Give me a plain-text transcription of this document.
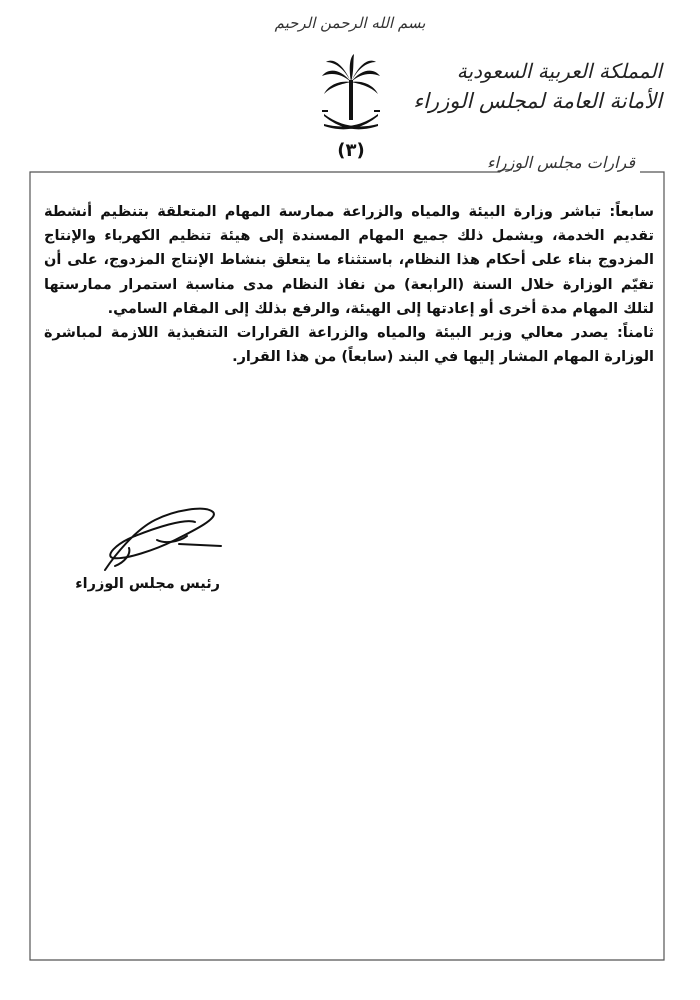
بسم الله الرحمن الرحيم
(٣)
المملكة العربية السعودية
الأمانة العامة لمجلس الوزراء
قرارات مجلس الوزراء

سابعاً: تباشر وزارة البيئة والمياه والزراعة ممارسة المهام المتعلقة بتنظيم أنشطة تقديم الخدمة، ويشمل ذلك جميع المهام المسندة إلى هيئة تنظيم الكهرباء والإنتاج المزدوج بناء على أحكام هذا النظام، باستثناء ما يتعلق بنشاط الإنتاج المزدوج، على أن تقيّم الوزارة خلال السنة (الرابعة) من نفاذ النظام مدى مناسبة استمرار ممارستها لتلك المهام مدة أخرى أو إعادتها إلى الهيئة، والرفع بذلك إلى المقام السامي.

ثامناً: يصدر معالي وزير البيئة والمياه والزراعة القرارات التنفيذية اللازمة لمباشرة الوزارة المهام المشار إليها في البند (سابعاً) من هذا القرار.

رئيس مجلس الوزراء
